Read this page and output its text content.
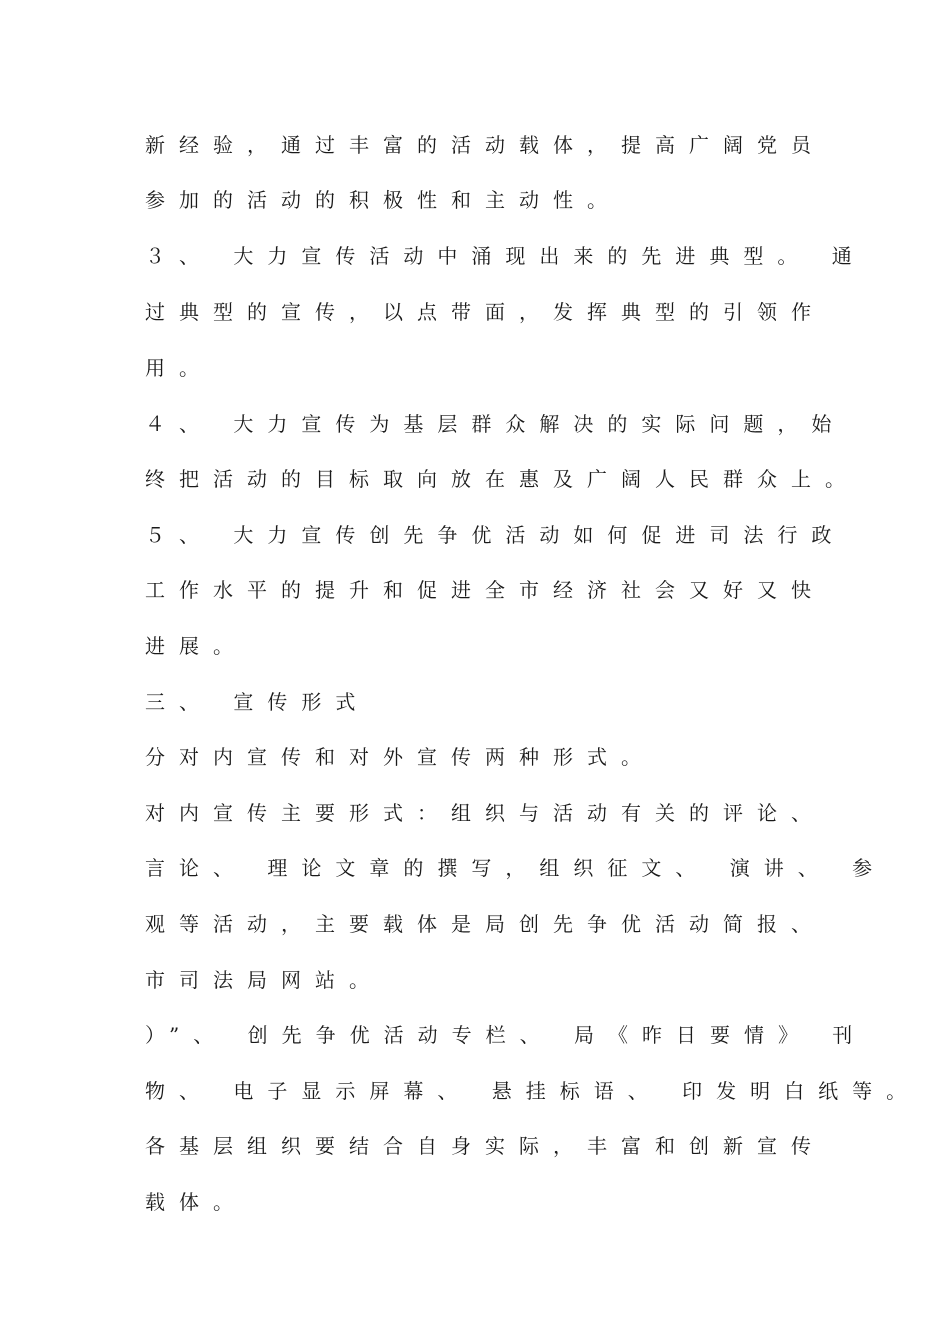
新经验，通过丰富的活动载体，提高广阔党员

参加的活动的积极性和主动性。

３、 大力宣传活动中涌现出来的先进典型。 通

过典型的宣传，以点带面，发挥典型的引领作

用。

４、 大力宣传为基层群众解决的实际问题，始

终把活动的目标取向放在惠及广阔人民群众上。

５、 大力宣传创先争优活动如何促进司法行政

工作水平的提升和促进全市经济社会又好又快

进展。

三、 宣传形式

分对内宣传和对外宣传两种形式。

对内宣传主要形式：组织与活动有关的评论、

言论、 理论文章的撰写，组织征文、 演讲、 参

观等活动，主要载体是局创先争优活动简报、

市司法局网站。

）”、 创先争优活动专栏、 局《昨日要情》 刊

物、 电子显示屏幕、 悬挂标语、 印发明白纸等。

各基层组织要结合自身实际，丰富和创新宣传

载体。
